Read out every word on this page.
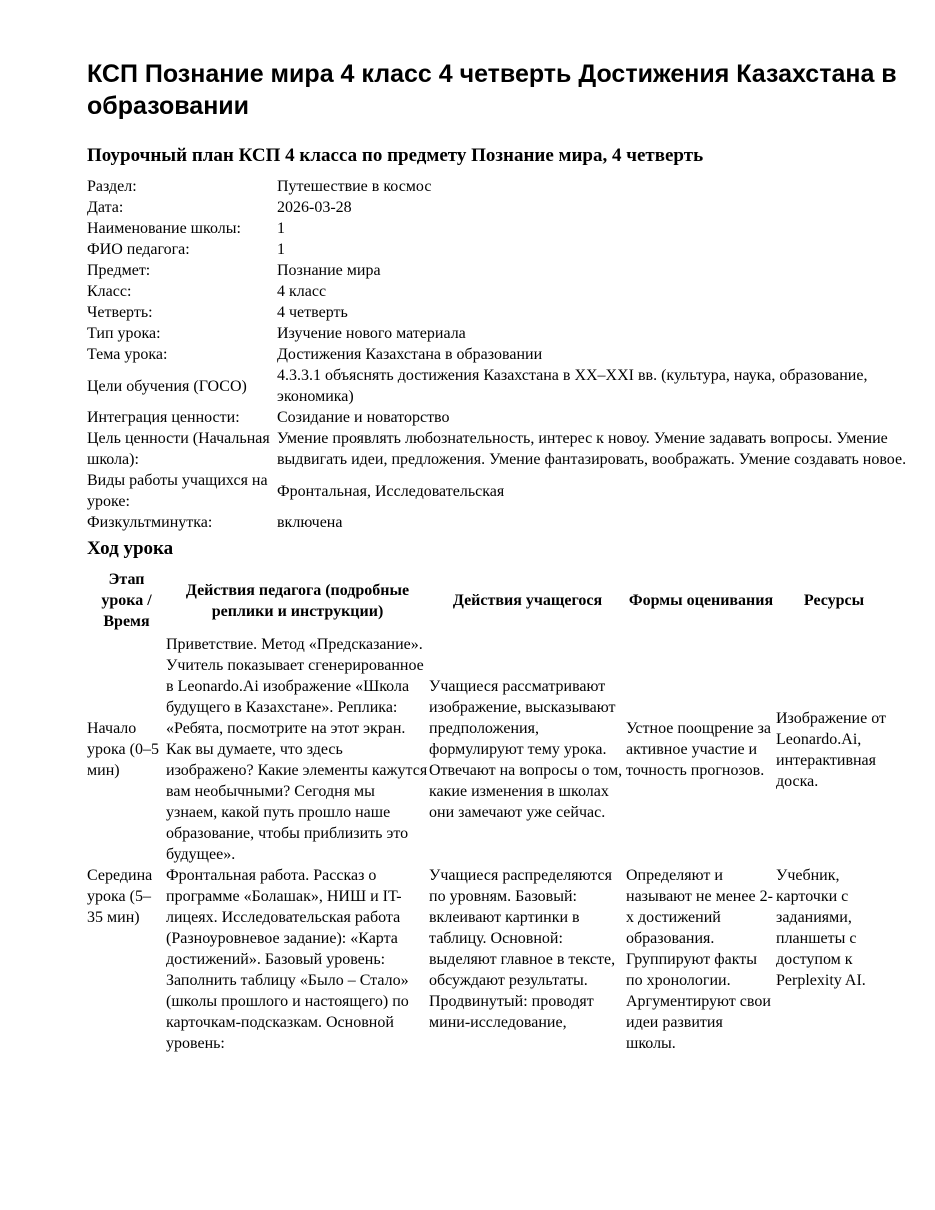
КСП Познание мира 4 класс 4 четверть Достижения Казахстана в образовании
Поурочный план КСП 4 класса по предмету Познание мира, 4 четверть
Раздел:	Путешествие в космос
Дата:	2026-03-28
Наименование школы:	1
ФИО педагога:	1
Предмет:	Познание мира
Класс:	4 класс
Четверть:	4 четверть
Тип урока:	Изучение нового материала
Тема урока:	Достижения Казахстана в образовании
Цели обучения (ГОСО)	4.3.3.1 объяснять достижения Казахстана в ХХ–XXI вв. (культура, наука, образование, экономика)
Интеграция ценности:	Созидание и новаторство
Цель ценности (Начальная школа):	Умение проявлять любознательность, интерес к новоу. Умение задавать вопросы. Умение выдвигать идеи, предложения. Умение фантазировать, воображать. Умение создавать новое.
Виды работы учащихся на уроке:	Фронтальная, Исследовательская
Физкультминутка:	включена
Ход урока
Этап урока / Время	Действия педагога (подробные реплики и инструкции)	Действия учащегося	Формы оценивания	Ресурсы
Начало урока (0–5 мин)	Приветствие. Метод «Предсказание». Учитель показывает сгенерированное в Leonardo.Ai изображение «Школа будущего в Казахстане». Реплика: «Ребята, посмотрите на этот экран. Как вы думаете, что здесь изображено? Какие элементы кажутся вам необычными? Сегодня мы узнаем, какой путь прошло наше образование, чтобы приблизить это будущее».	Учащиеся рассматривают изображение, высказывают предположения, формулируют тему урока. Отвечают на вопросы о том, какие изменения в школах они замечают уже сейчас.	Устное поощрение за активное участие и точность прогнозов.	Изображение от Leonardo.Ai, интерактивная доска.
Середина урока (5–35 мин)	Фронтальная работа. Рассказ о программе «Болашак», НИШ и IT-лицеях. Исследовательская работа (Разноуровневое задание): «Карта достижений». Базовый уровень: Заполнить таблицу «Было – Стало» (школы прошлого и настоящего) по карточкам-подсказкам. Основной уровень:	Учащиеся распределяются по уровням. Базовый: вклеивают картинки в таблицу. Основной: выделяют главное в тексте, обсуждают результаты. Продвинутый: проводят мини-исследование,	Определяют и называют не менее 2-х достижений образования. Группируют факты по хронологии. Аргументируют свои идеи развития школы.	Учебник, карточки с заданиями, планшеты с доступом к Perplexity AI.
